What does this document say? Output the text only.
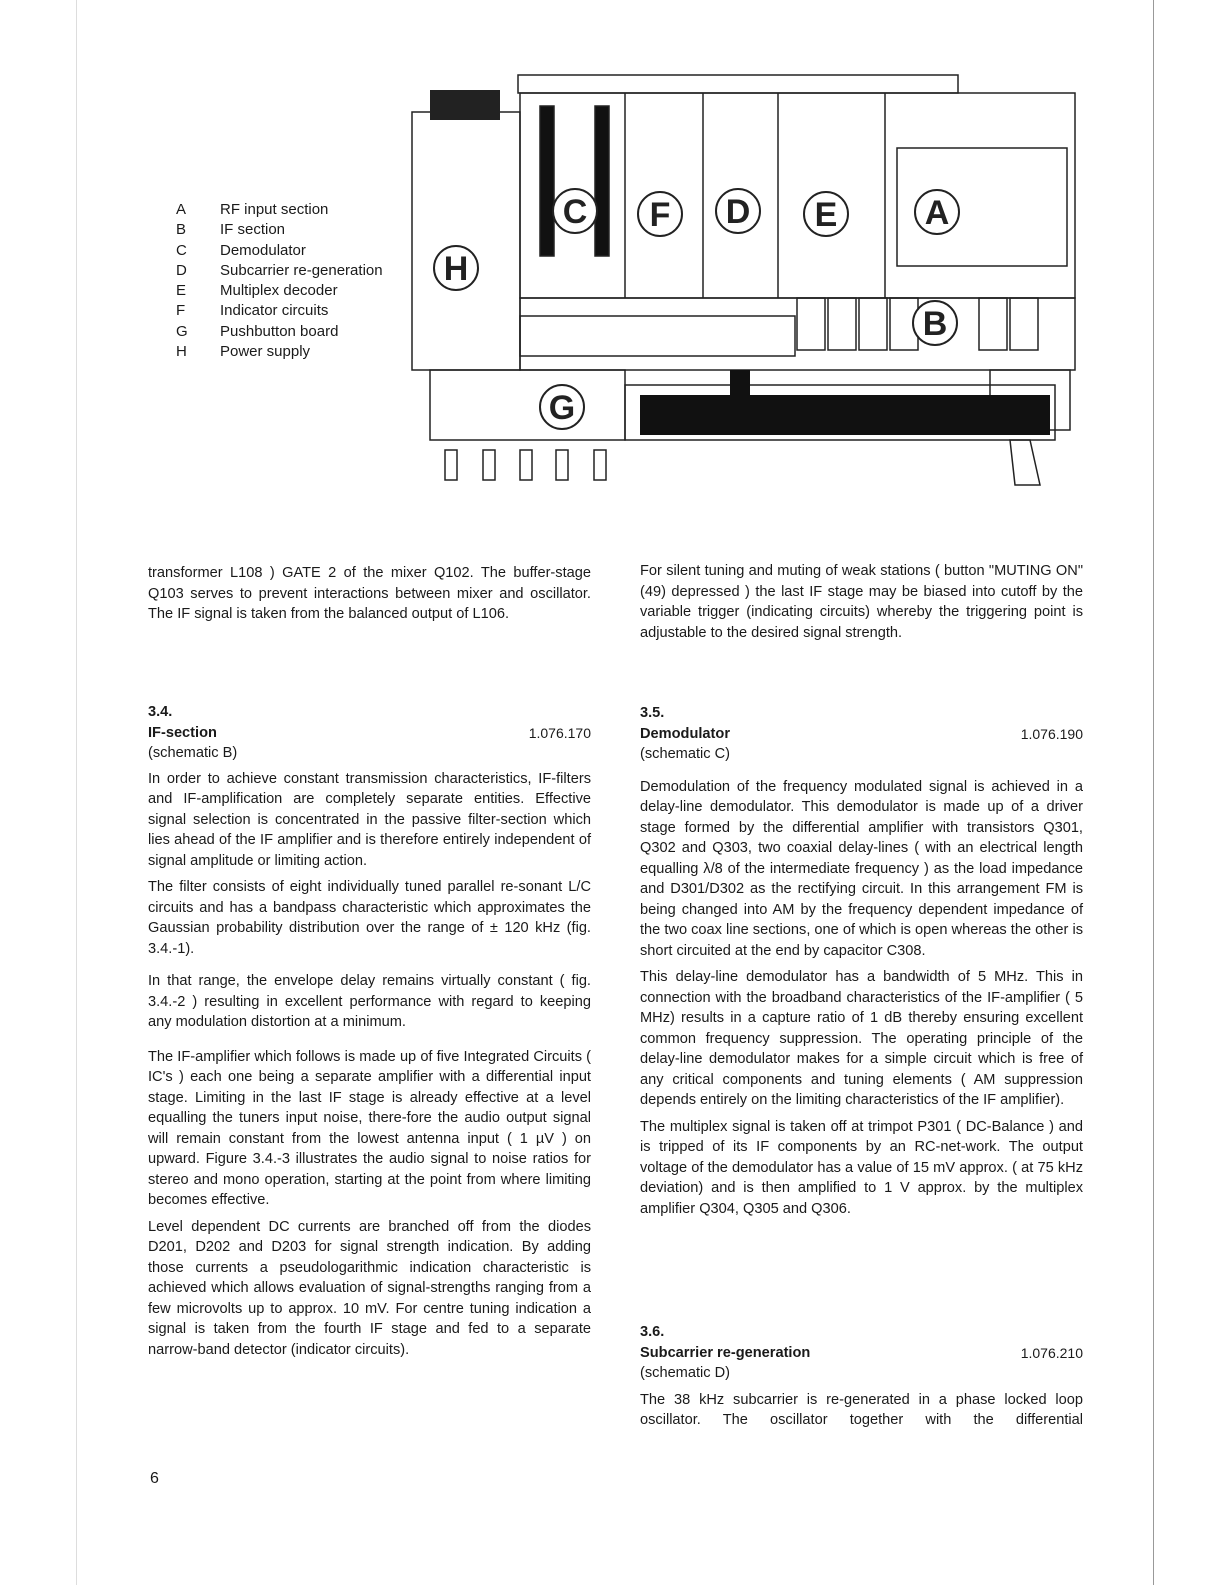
A	RF input section
B	IF section
C	Demodulator
D	Subcarrier re-generation
E	Multiplex decoder
F	Indicator circuits
G	Pushbutton board
H	Power supply
A
B
C	D E
F
G
H

transformer L108 ) GATE 2 of the mixer Q102. The buffer-stage Q103 serves to prevent interactions between mixer and oscillator. The IF signal is taken from the balanced output of L106.

3.4.
IF-section	1.076.170
(schematic B)

In order to achieve constant transmission characteristics, IF-filters and IF-amplification are completely separate entities. Effective signal selection is concentrated in the passive filter-section which lies ahead of the IF amplifier and is therefore entirely independent of signal amplitude or limiting action.

The filter consists of eight individually tuned parallel re-sonant L/C circuits and has a bandpass characteristic which approximates the Gaussian probability distribution over the range of ± 120 kHz (fig. 3.4.-1).

In that range, the envelope delay remains virtually constant ( fig. 3.4.-2 ) resulting in excellent performance with regard to keeping any modulation distortion at a minimum.

The IF-amplifier which follows is made up of five Integrated Circuits ( IC's ) each one being a separate amplifier with a differential input stage. Limiting in the last IF stage is already effective at a level equalling the tuners input noise, there-fore the audio output signal will remain constant from the lowest antenna input ( 1 µV ) on upward. Figure 3.4.-3 illustrates the audio signal to noise ratios for stereo and mono operation, starting at the point from where limiting becomes effective.

Level dependent DC currents are branched off from the diodes D201, D202 and D203 for signal strength indication. By adding those currents a pseudologarithmic indication characteristic is achieved which allows evaluation of signal-strengths ranging from a few microvolts up to approx. 10 mV. For centre tuning indication a signal is taken from the fourth IF stage and fed to a separate narrow-band detector (indicator circuits).

For silent tuning and muting of weak stations ( button "MUTING ON" (49) depressed ) the last IF stage may be biased into cutoff by the variable trigger (indicating circuits) whereby the triggering point is adjustable to the desired signal strength.

3.5.
Demodulator	1.076.190
(schematic C)

Demodulation of the frequency modulated signal is achieved in a delay-line demodulator. This demodulator is made up of a driver stage formed by the differential amplifier with transistors Q301, Q302 and Q303, two coaxial delay-lines ( with an electrical length equalling λ/8 of the intermediate frequency ) as the load impedance and D301/D302 as the rectifying circuit. In this arrangement FM is being changed into AM by the frequency dependent impedance of the two coax line sections, one of which is open whereas the other is short circuited at the end by capacitor C308.

This delay-line demodulator has a bandwidth of 5 MHz. This in connection with the broadband characteristics of the IF-amplifier ( 5 MHz) results in a capture ratio of 1 dB thereby ensuring excellent common frequency suppression. The operating principle of the delay-line demodulator makes for a simple circuit which is free of any critical components and tuning elements ( AM suppression depends entirely on the limiting characteristics of the IF amplifier).

The multiplex signal is taken off at trimpot P301 ( DC-Balance ) and is tripped of its IF components by an RC-net-work. The output voltage of the demodulator has a value of 15 mV approx. ( at 75 kHz deviation) and is then amplified to 1 V approx. by the multiplex amplifier Q304, Q305 and Q306.

3.6.
Subcarrier re-generation	1.076.210
(schematic D)

The 38 kHz subcarrier is re-generated in a phase locked loop oscillator. The oscillator together with the differential

6
